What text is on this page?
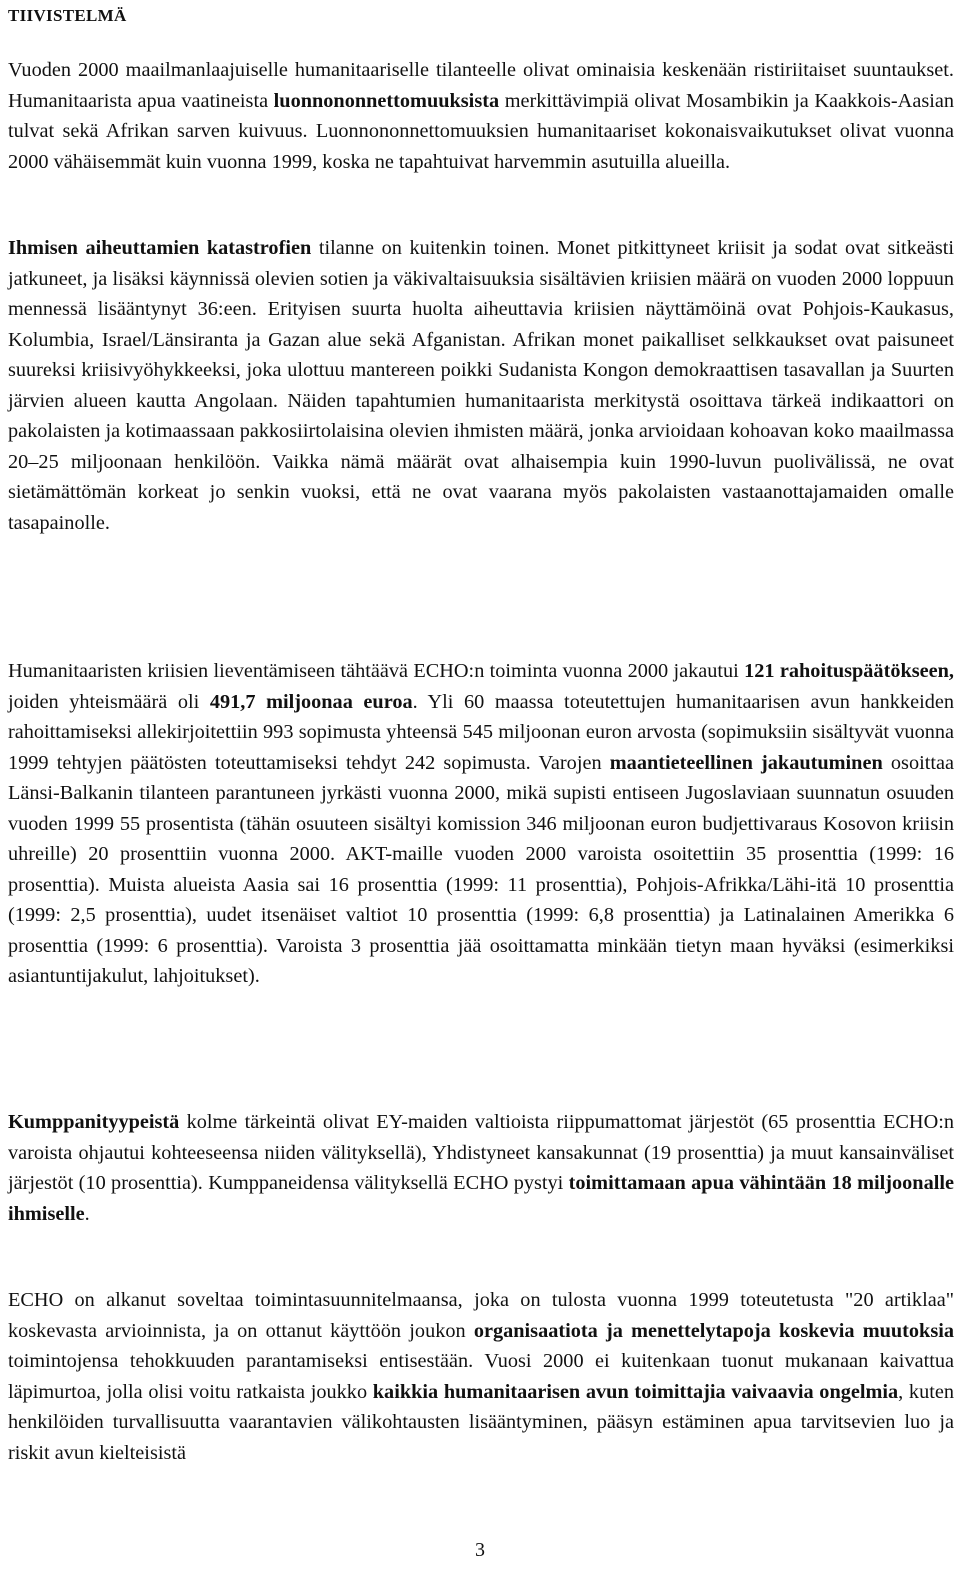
TIIVISTELMÄ

Vuoden 2000 maailmanlaajuiselle humanitaariselle tilanteelle olivat ominaisia keskenään ristiriitaiset suuntaukset. Humanitaarista apua vaatineista luonnononnettomuuksista merkittävimpiä olivat Mosambikin ja Kaakkois-Aasian tulvat sekä Afrikan sarven kuivuus. Luonnononnettomuuksien humanitaariset kokonaisvaikutukset olivat vuonna 2000 vähäisemmät kuin vuonna 1999, koska ne tapahtuivat harvemmin asutuilla alueilla.

Ihmisen aiheuttamien katastrofien tilanne on kuitenkin toinen. Monet pitkittyneet kriisit ja sodat ovat sitkeästi jatkuneet, ja lisäksi käynnissä olevien sotien ja väkivaltaisuuksia sisältävien kriisien määrä on vuoden 2000 loppuun mennessä lisääntynyt 36:een. Erityisen suurta huolta aiheuttavia kriisien näyttämöinä ovat Pohjois-Kaukasus, Kolumbia, Israel/Länsiranta ja Gazan alue sekä Afganistan. Afrikan monet paikalliset selkkaukset ovat paisuneet suureksi kriisivyöhykkeeksi, joka ulottuu mantereen poikki Sudanista Kongon demokraattisen tasavallan ja Suurten järvien alueen kautta Angolaan. Näiden tapahtumien humanitaarista merkitystä osoittava tärkeä indikaattori on pakolaisten ja kotimaassaan pakkosiirtolaisina olevien ihmisten määrä, jonka arvioidaan kohoavan koko maailmassa 20–25 miljoonaan henkilöön. Vaikka nämä määrät ovat alhaisempia kuin 1990-luvun puolivälissä, ne ovat sietämättömän korkeat jo senkin vuoksi, että ne ovat vaarana myös pakolaisten vastaanottajamaiden omalle tasapainolle.

Humanitaaristen kriisien lieventämiseen tähtäävä ECHO:n toiminta vuonna 2000 jakautui 121 rahoituspäätökseen, joiden yhteismäärä oli 491,7 miljoonaa euroa. Yli 60 maassa toteutettujen humanitaarisen avun hankkeiden rahoittamiseksi allekirjoitettiin 993 sopimusta yhteensä 545 miljoonan euron arvosta (sopimuksiin sisältyvät vuonna 1999 tehtyjen päätösten toteuttamiseksi tehdyt 242 sopimusta. Varojen maantieteellinen jakautuminen osoittaa Länsi-Balkanin tilanteen parantuneen jyrkästi vuonna 2000, mikä supisti entiseen Jugoslaviaan suunnatun osuuden vuoden 1999 55 prosentista (tähän osuuteen sisältyi komission 346 miljoonan euron budjettivaraus Kosovon kriisin uhreille) 20 prosenttiin vuonna 2000. AKT-maille vuoden 2000 varoista osoitettiin 35 prosenttia (1999: 16 prosenttia). Muista alueista Aasia sai 16 prosenttia (1999: 11 prosenttia), Pohjois-Afrikka/Lähi-itä 10 prosenttia (1999: 2,5 prosenttia), uudet itsenäiset valtiot 10 prosenttia (1999: 6,8 prosenttia) ja Latinalainen Amerikka 6 prosenttia (1999: 6 prosenttia). Varoista 3 prosenttia jää osoittamatta minkään tietyn maan hyväksi (esimerkiksi asiantuntijakulut, lahjoitukset).

Kumppanityypeistä kolme tärkeintä olivat EY-maiden valtioista riippumattomat järjestöt (65 prosenttia ECHO:n varoista ohjautui kohteeseensa niiden välityksellä), Yhdistyneet kansakunnat (19 prosenttia) ja muut kansainväliset järjestöt (10 prosenttia). Kumppaneidensa välityksellä ECHO pystyi toimittamaan apua vähintään 18 miljoonalle ihmiselle.

ECHO on alkanut soveltaa toimintasuunnitelmaansa, joka on tulosta vuonna 1999 toteutetusta "20 artiklaa" koskevasta arvioinnista, ja on ottanut käyttöön joukon organisaatiota ja menettelytapoja koskevia muutoksia toimintojensa tehokkuuden parantamiseksi entisestään. Vuosi 2000 ei kuitenkaan tuonut mukanaan kaivattua läpimurtoa, jolla olisi voitu ratkaista joukko kaikkia humanitaarisen avun toimittajia vaivaavia ongelmia, kuten henkilöiden turvallisuutta vaarantavien välikohtausten lisääntyminen, pääsyn estäminen apua tarvitsevien luo ja riskit avun kielteisistä

3
